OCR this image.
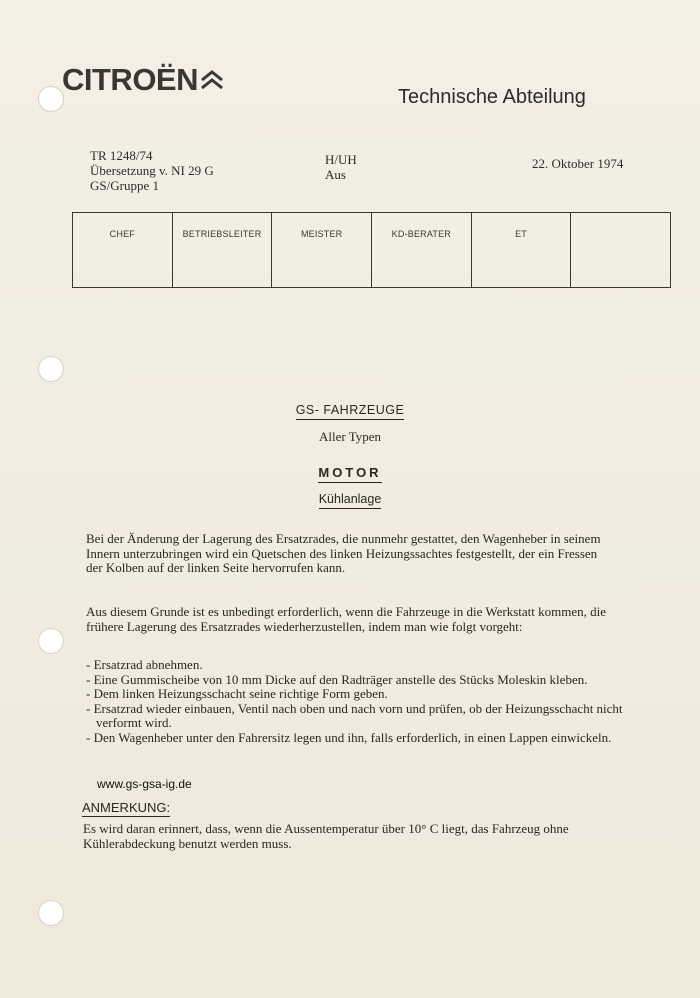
CITROËN	Technische Abteilung
TR 1248/74
Übersetzung v. NI 29 G
GS/Gruppe 1
H/UH
Aus
22. Oktober 1974
CHEF	BETRIEBSLEITER	MEISTER	KD-BERATER	ET
GS- FAHRZEUGE
Aller Typen
MOTOR
Kühlanlage
Bei der Änderung der Lagerung des Ersatzrades, die nunmehr gestattet, den Wagenheber in seinem Innern unterzubringen wird ein Quetschen des linken Heizungssachtes festgestellt, der ein Fressen der Kolben auf der linken Seite hervorrufen kann.
Aus diesem Grunde ist es unbedingt erforderlich, wenn die Fahrzeuge in die Werkstatt kommen, die frühere Lagerung des Ersatzrades wiederherzustellen, indem man wie folgt vorgeht:
- Ersatzrad abnehmen.
- Eine Gummischeibe von 10 mm Dicke auf den Radträger anstelle des Stücks Moleskin kleben.
- Dem linken Heizungsschacht seine richtige Form geben.
- Ersatzrad wieder einbauen, Ventil nach oben und nach vorn und prüfen, ob der Heizungsschacht nicht verformt wird.
- Den Wagenheber unter den Fahrersitz legen und ihn, falls erforderlich, in einen Lappen einwickeln.
www.gs-gsa-ig.de
ANMERKUNG:
Es wird daran erinnert, dass, wenn die Aussentemperatur über 10° C liegt, das Fahrzeug ohne Kühlerabdeckung benutzt werden muss.
